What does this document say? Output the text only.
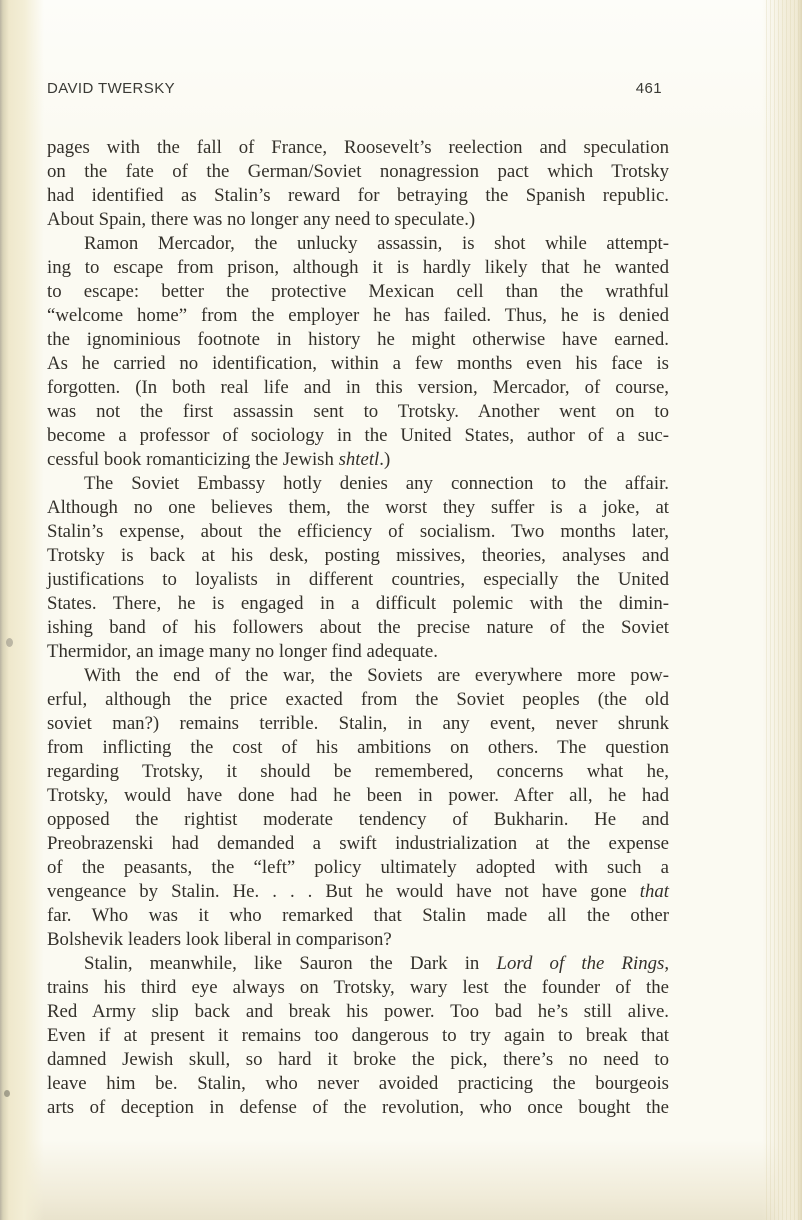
DAVID TWERSKY	461
pages with the fall of France, Roosevelt’s reelection and speculation
on the fate of the German/Soviet nonagression pact which Trotsky
had identified as Stalin’s reward for betraying the Spanish republic.
About Spain, there was no longer any need to speculate.)
Ramon Mercador, the unlucky assassin, is shot while attempt-
ing to escape from prison, although it is hardly likely that he wanted
to escape: better the protective Mexican cell than the wrathful
“welcome home” from the employer he has failed. Thus, he is denied
the ignominious footnote in history he might otherwise have earned.
As he carried no identification, within a few months even his face is
forgotten. (In both real life and in this version, Mercador, of course,
was not the first assassin sent to Trotsky. Another went on to
become a professor of sociology in the United States, author of a suc-
cessful book romanticizing the Jewish shtetl.)
The Soviet Embassy hotly denies any connection to the affair.
Although no one believes them, the worst they suffer is a joke, at
Stalin’s expense, about the efficiency of socialism. Two months later,
Trotsky is back at his desk, posting missives, theories, analyses and
justifications to loyalists in different countries, especially the United
States. There, he is engaged in a difficult polemic with the dimin-
ishing band of his followers about the precise nature of the Soviet
Thermidor, an image many no longer find adequate.
With the end of the war, the Soviets are everywhere more pow-
erful, although the price exacted from the Soviet peoples (the old
soviet man?) remains terrible. Stalin, in any event, never shrunk
from inflicting the cost of his ambitions on others. The question
regarding Trotsky, it should be remembered, concerns what he,
Trotsky, would have done had he been in power. After all, he had
opposed the rightist moderate tendency of Bukharin. He and
Preobrazenski had demanded a swift industrialization at the expense
of the peasants, the “left” policy ultimately adopted with such a
vengeance by Stalin. He. . . . But he would have not have gone that
far. Who was it who remarked that Stalin made all the other
Bolshevik leaders look liberal in comparison?
Stalin, meanwhile, like Sauron the Dark in Lord of the Rings,
trains his third eye always on Trotsky, wary lest the founder of the
Red Army slip back and break his power. Too bad he’s still alive.
Even if at present it remains too dangerous to try again to break that
damned Jewish skull, so hard it broke the pick, there’s no need to
leave him be. Stalin, who never avoided practicing the bourgeois
arts of deception in defense of the revolution, who once bought the
